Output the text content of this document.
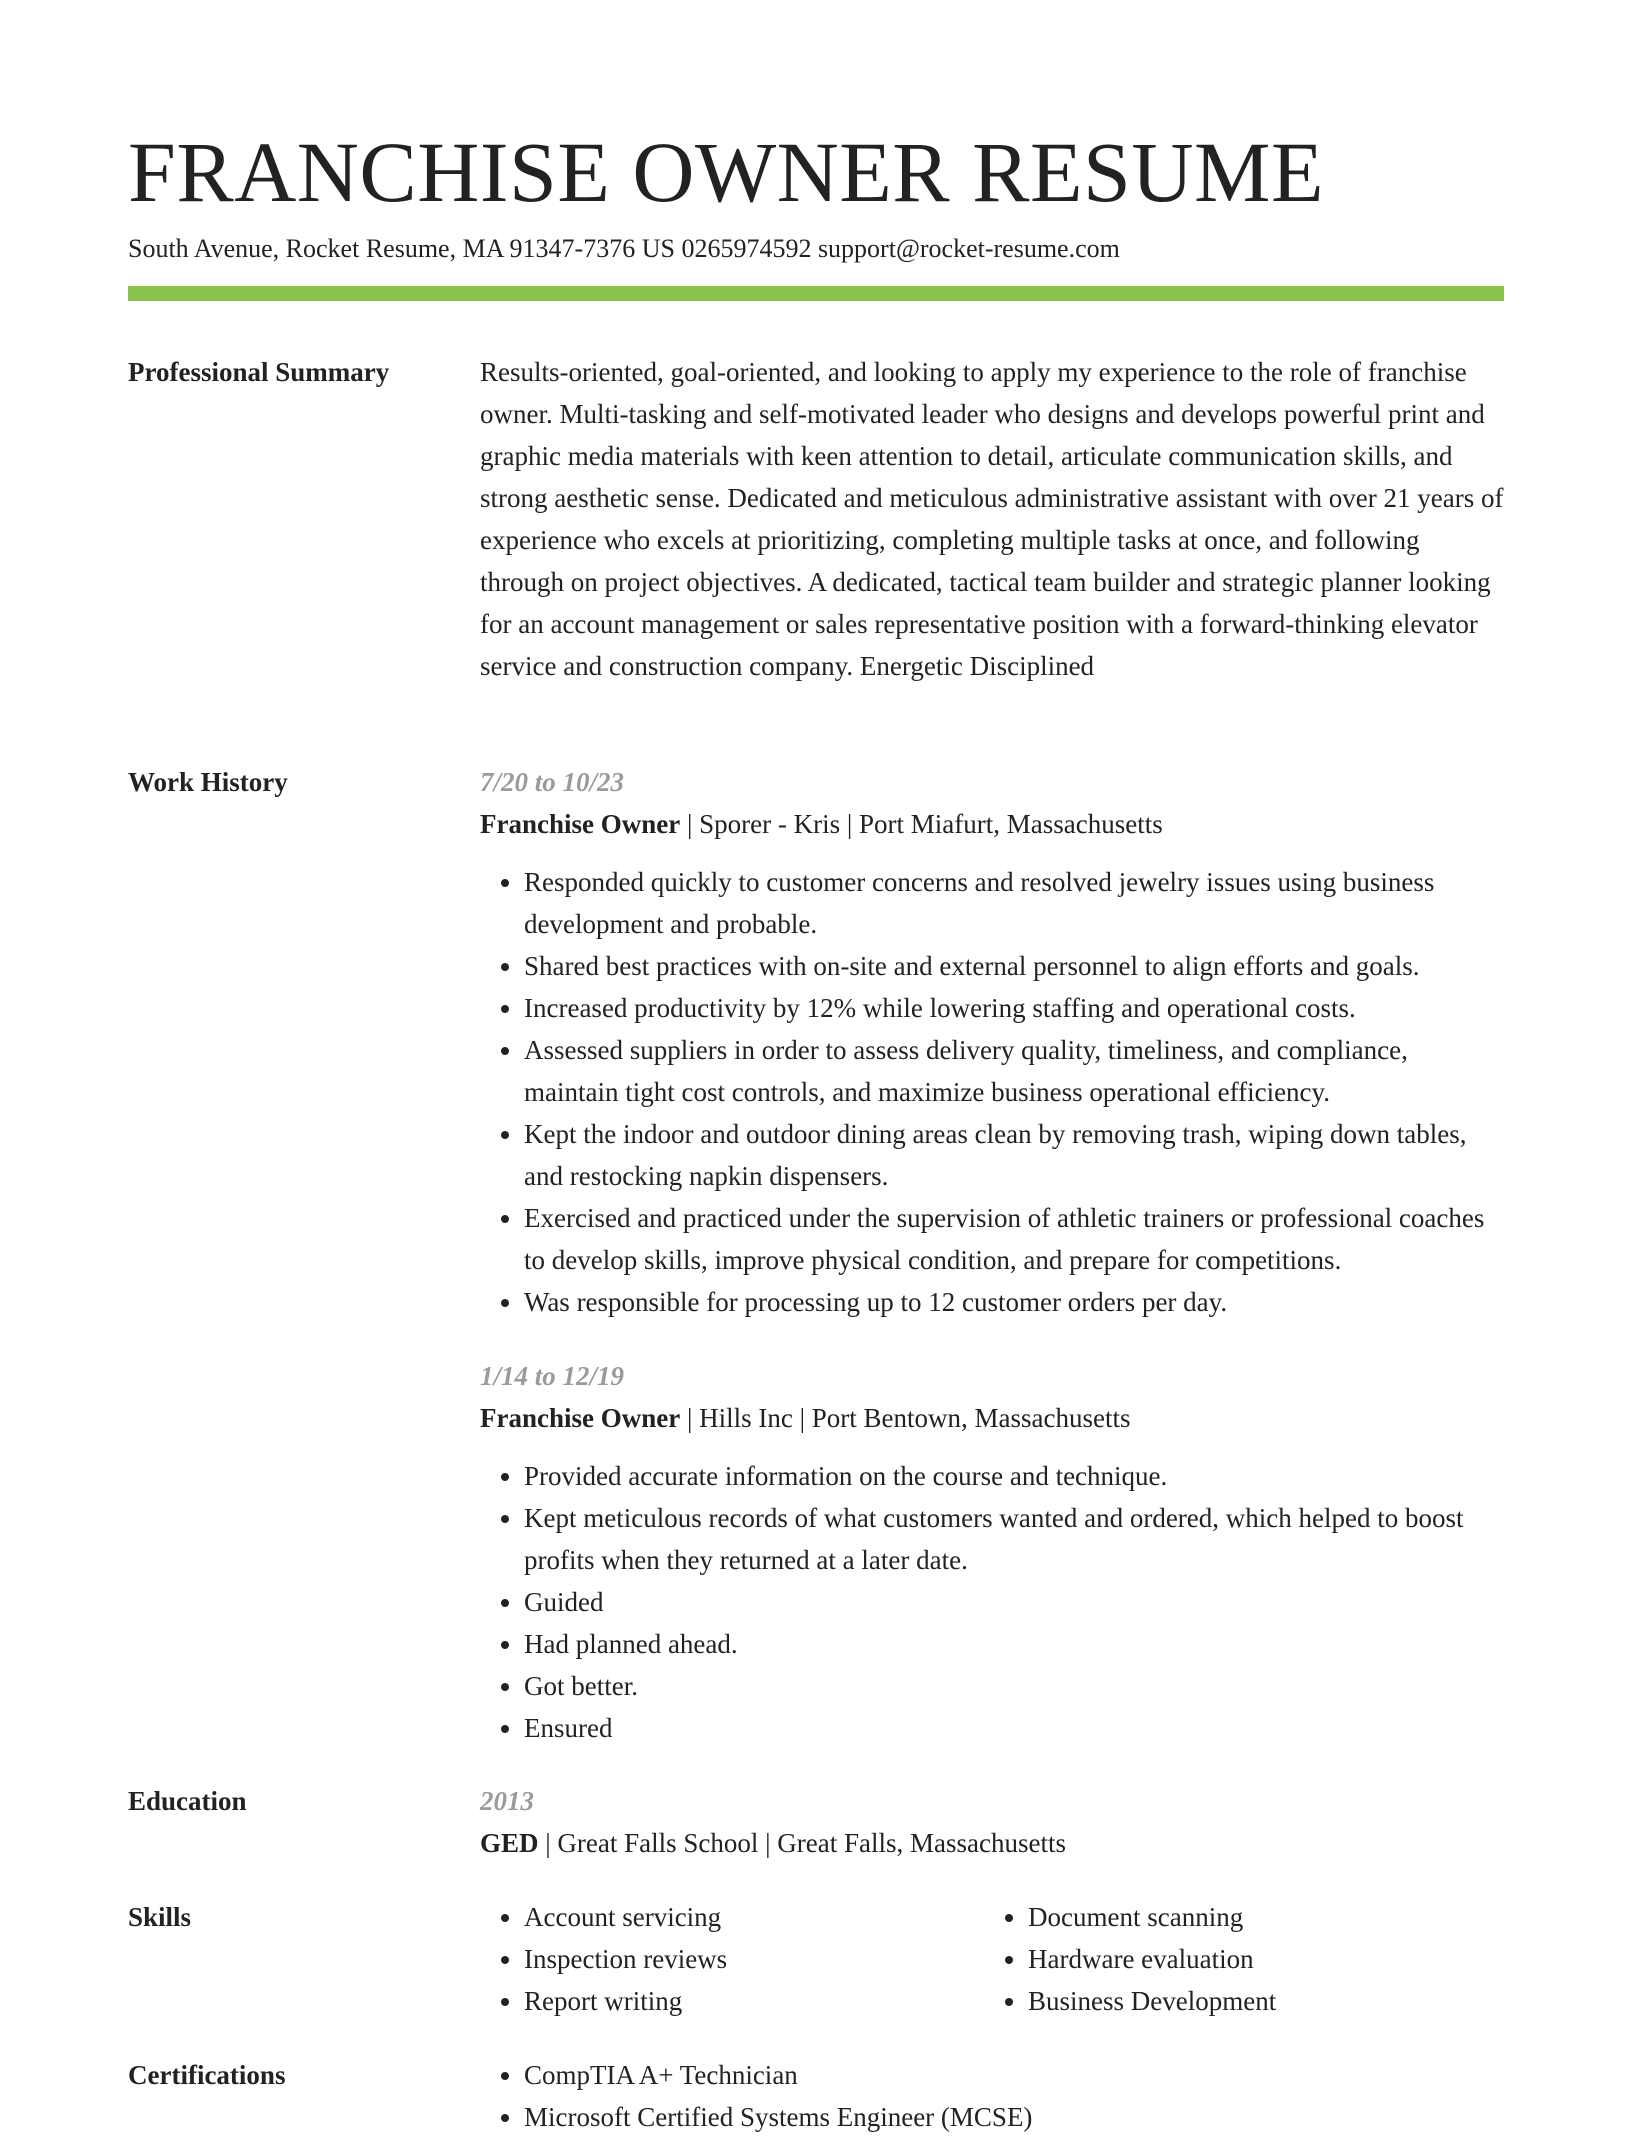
FRANCHISE OWNER RESUME
South Avenue, Rocket Resume, MA 91347-7376 US 0265974592 support@rocket-resume.com
Professional Summary	Results-oriented, goal-oriented, and looking to apply my experience to the role of franchise owner. Multi-tasking and self-motivated leader who designs and develops powerful print and graphic media materials with keen attention to detail, articulate communication skills, and strong aesthetic sense. Dedicated and meticulous administrative assistant with over 21 years of experience who excels at prioritizing, completing multiple tasks at once, and following through on project objectives. A dedicated, tactical team builder and strategic planner looking for an account management or sales representative position with a forward-thinking elevator service and construction company. Energetic Disciplined

Work History	7/20 to 10/23
Franchise Owner | Sporer - Kris | Port Miafurt, Massachusetts
• Responded quickly to customer concerns and resolved jewelry issues using business development and probable.
• Shared best practices with on-site and external personnel to align efforts and goals.
• Increased productivity by 12% while lowering staffing and operational costs.
• Assessed suppliers in order to assess delivery quality, timeliness, and compliance, maintain tight cost controls, and maximize business operational efficiency.
• Kept the indoor and outdoor dining areas clean by removing trash, wiping down tables, and restocking napkin dispensers.
• Exercised and practiced under the supervision of athletic trainers or professional coaches to develop skills, improve physical condition, and prepare for competitions.
• Was responsible for processing up to 12 customer orders per day.
1/14 to 12/19
Franchise Owner | Hills Inc | Port Bentown, Massachusetts
• Provided accurate information on the course and technique.
• Kept meticulous records of what customers wanted and ordered, which helped to boost profits when they returned at a later date.
• Guided
• Had planned ahead.
• Got better.
• Ensured
Education	2013
GED | Great Falls School | Great Falls, Massachusetts
Skills	• Account servicing
• Inspection reviews
• Report writing
• Document scanning
• Hardware evaluation
• Business Development
Certifications	• CompTIA A+ Technician
• Microsoft Certified Systems Engineer (MCSE)
